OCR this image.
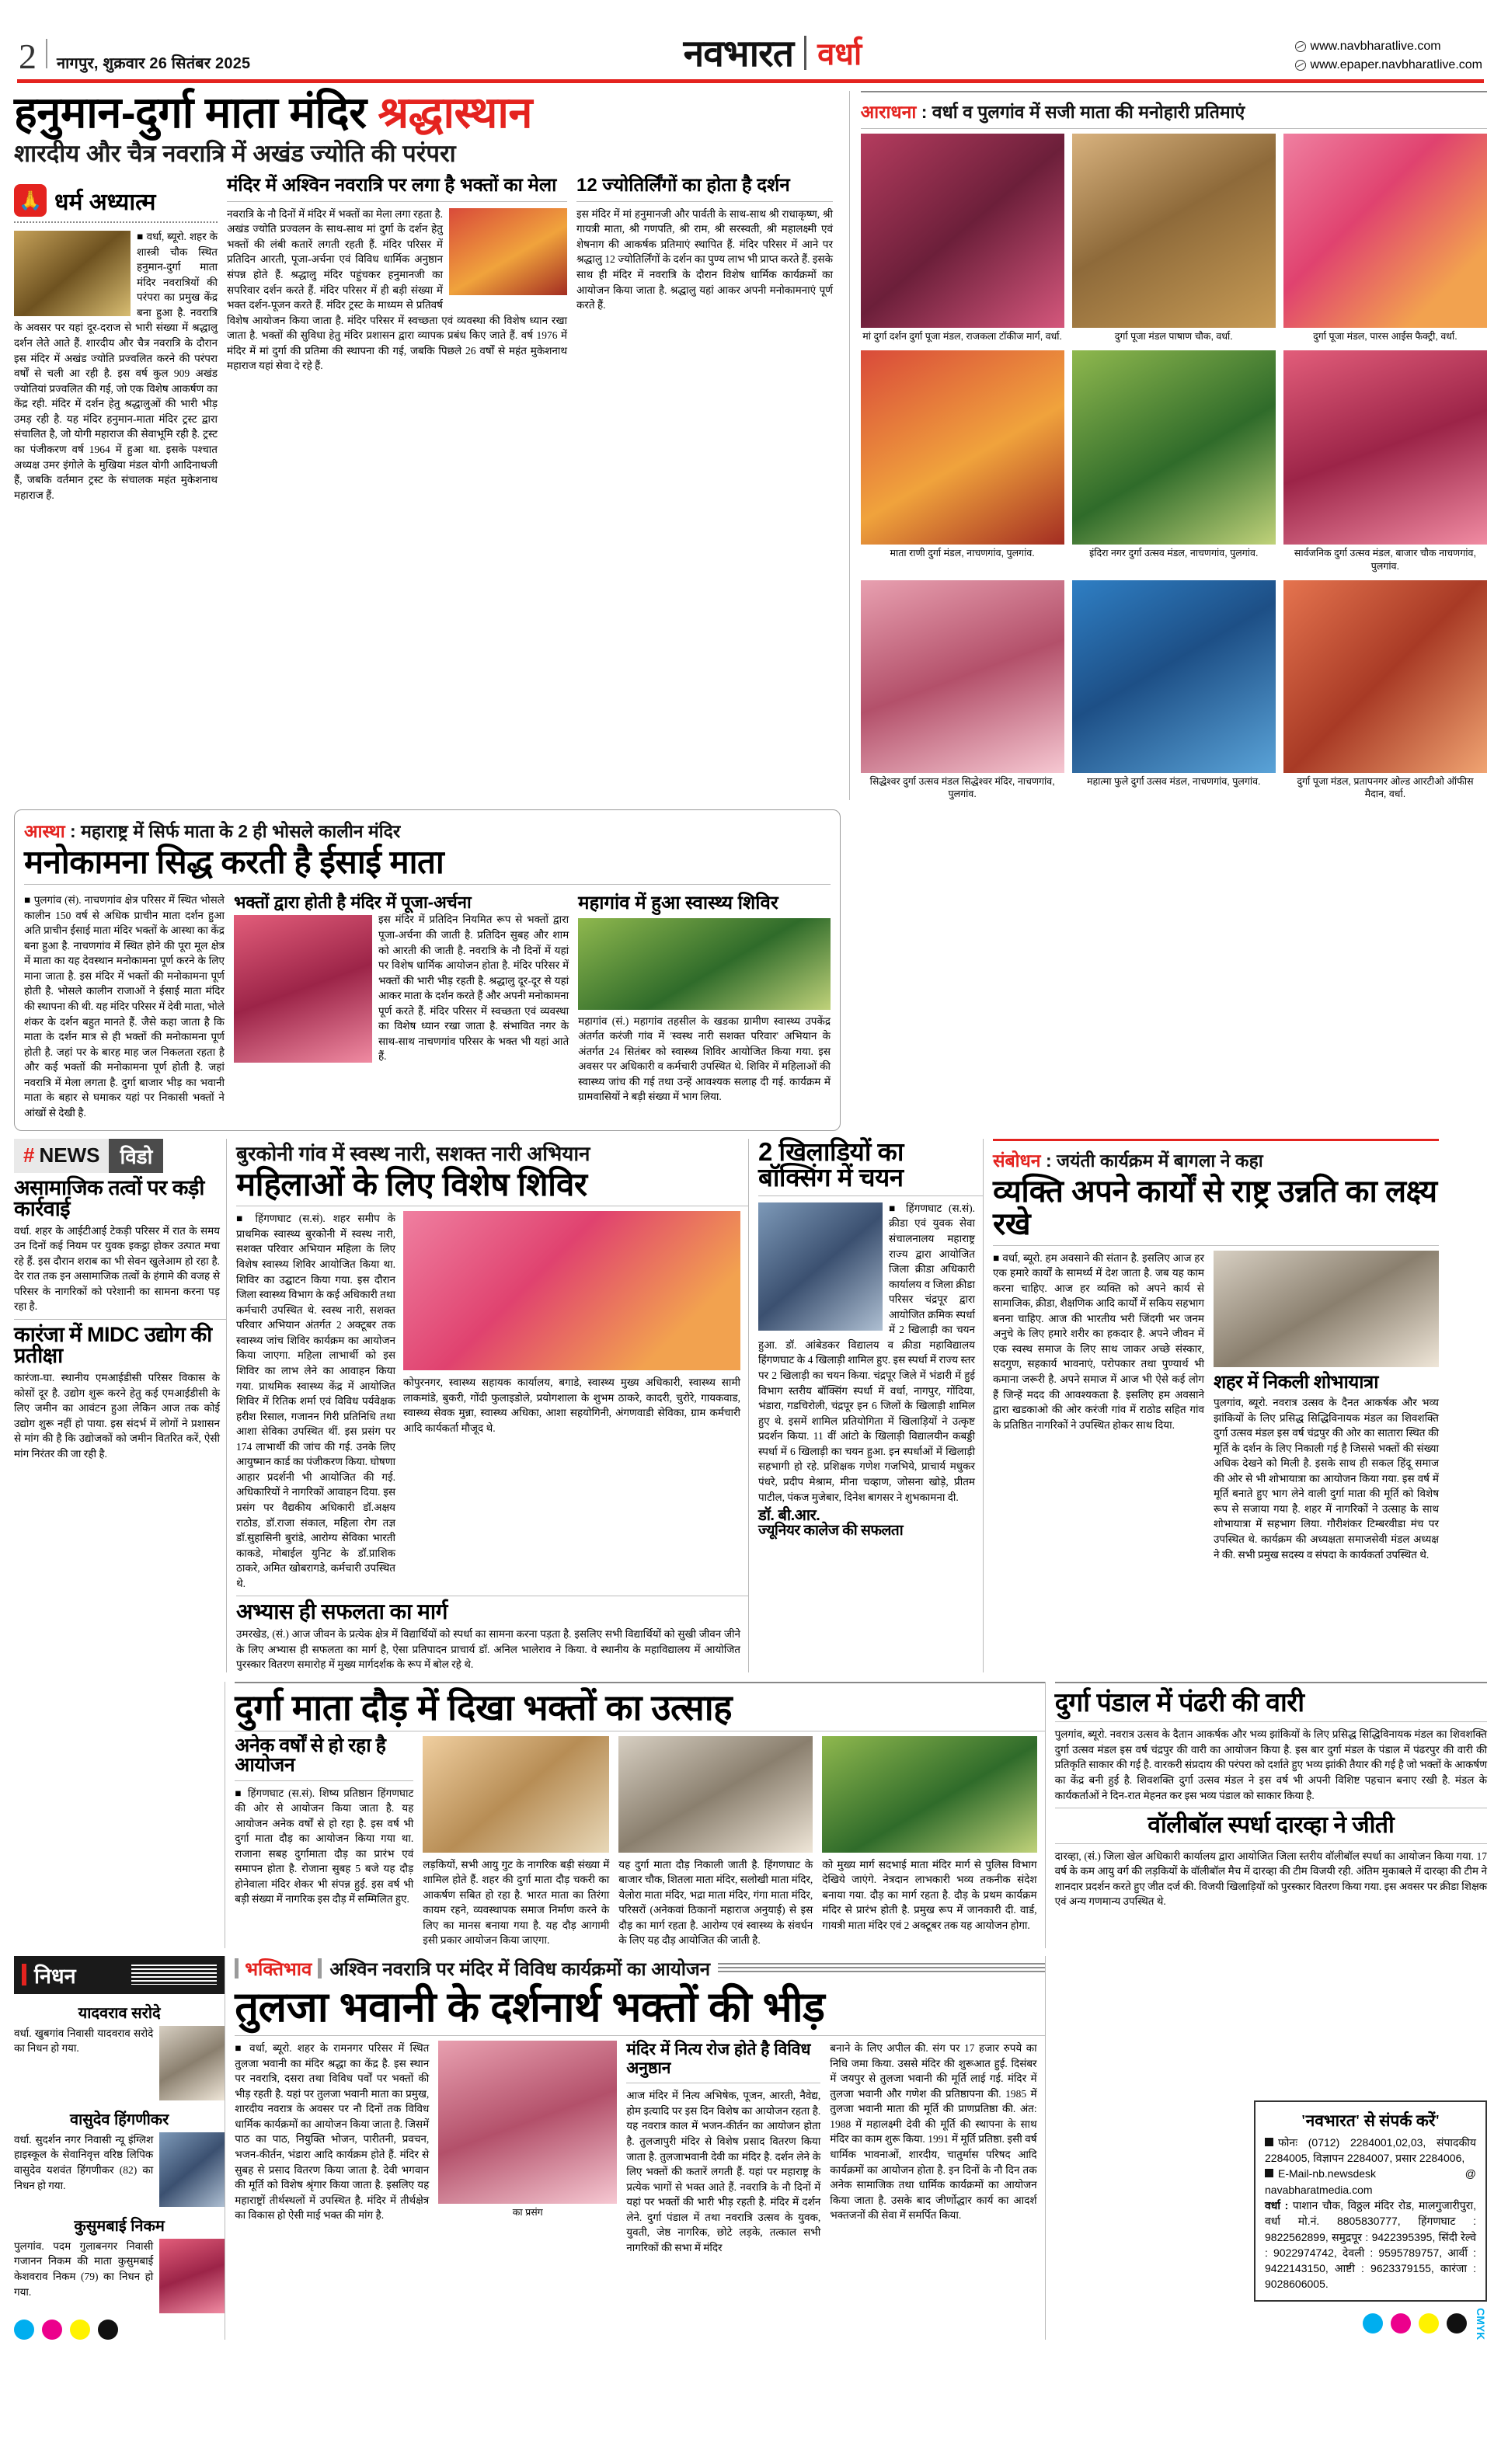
2 नागपुर, शुक्रवार 26 सितंबर 2025	नवभारत वर्धा	www.navbharatlive.com
www.epaper.navbharatlive.com
हनुमान-दुर्गा माता मंदिर श्रद्धास्थान
शारदीय और चैत्र नवरात्रि में अखंड ज्योति की परंपरा
🙏 धर्म अध्यात्म
■ वर्धा, ब्यूरो. शहर के शास्त्री चौक स्थित हनुमान-दुर्गा माता मंदिर नवरात्रियों की परंपरा का प्रमुख केंद्र बना हुआ है. नवरात्रि के अवसर पर यहां दूर-दराज से भारी संख्या में श्रद्धालु दर्शन लेते आते हैं. शारदीय और चैत्र नवरात्रि के दौरान इस मंदिर में अखंड ज्योति प्रज्वलित करने की परंपरा वर्षों से चली आ रही है. इस वर्ष कुल 909 अखंड ज्योतियां प्रज्वलित की गई, जो एक विशेष आकर्षण का केंद्र रही. मंदिर में दर्शन हेतु श्रद्धालुओं की भारी भीड़ उमड़ रही है. यह मंदिर हनुमान-माता मंदिर ट्रस्ट द्वारा संचालित है, जो योगी महाराज की सेवाभूमि रही है. ट्रस्ट का पंजीकरण वर्ष 1964 में हुआ था. इसके पश्चात अध्यक्ष उमर इंगोले के मुखिया मंडल योगी आदिनाथजी हैं, जबकि वर्तमान ट्रस्ट के संचालक महंत मुकेशनाथ महाराज हैं.
मंदिर में अश्विन नवरात्रि पर लगा है भक्तों का मेला
नवरात्रि के नौ दिनों में मंदिर में भक्तों का मेला लगा रहता है. अखंड ज्योति प्रज्वलन के साथ-साथ मां दुर्गा के दर्शन हेतु भक्तों की लंबी कतारें लगती रहती हैं. मंदिर परिसर में प्रतिदिन आरती, पूजा-अर्चना एवं विविध धार्मिक अनुष्ठान संपन्न होते हैं. श्रद्धालु मंदिर पहुंचकर हनुमानजी का सपरिवार दर्शन करते हैं. मंदिर परिसर में ही बड़ी संख्या में भक्त दर्शन-पूजन करते हैं. मंदिर ट्रस्ट के माध्यम से प्रतिवर्ष विशेष आयोजन किया जाता है. मंदिर परिसर में स्वच्छता एवं व्यवस्था की विशेष ध्यान रखा जाता है. भक्तों की सुविधा हेतु मंदिर प्रशासन द्वारा व्यापक प्रबंध किए जाते हैं. वर्ष 1976 में मंदिर में मां दुर्गा की प्रतिमा की स्थापना की गई, जबकि पिछले 26 वर्षों से महंत मुकेशनाथ महाराज यहां सेवा दे रहे हैं.
12 ज्योतिर्लिंगों का होता है दर्शन
इस मंदिर में मां हनुमानजी और पार्वती के साथ-साथ श्री राधाकृष्ण, श्री गायत्री माता, श्री गणपति, श्री राम, श्री सरस्वती, श्री महालक्ष्मी एवं शेषनाग की आकर्षक प्रतिमाएं स्थापित हैं. मंदिर परिसर में आने पर श्रद्धालु 12 ज्योतिर्लिंगों के दर्शन का पुण्य लाभ भी प्राप्त करते हैं. इसके साथ ही मंदिर में नवरात्रि के दौरान विशेष धार्मिक कार्यक्रमों का आयोजन किया जाता है. श्रद्धालु यहां आकर अपनी मनोकामनाएं पूर्ण करते हैं.
आराधना : वर्धा व पुलगांव में सजी माता की मनोहारी प्रतिमाएं
मां दुर्गा दर्शन दुर्गा पूजा मंडल, राजकला टॉकीज मार्ग, वर्धा.	दुर्गा पूजा मंडल पाषाण चौक, वर्धा.	दुर्गा पूजा मंडल, पारस आईस फैक्ट्री, वर्धा.
माता राणी दुर्गा मंडल, नाचणगांव, पुलगांव.	इंदिरा नगर दुर्गा उत्सव मंडल, नाचणगांव, पुलगांव.	सार्वजनिक दुर्गा उत्सव मंडल, बाजार चौक नाचणगांव, पुलगांव.
सिद्धेश्वर दुर्गा उत्सव मंडल सिद्धेश्वर मंदिर, नाचणगांव, पुलगांव.
महात्मा फुले दुर्गा उत्सव मंडल, नाचणगांव, पुलगांव.	दुर्गा पूजा मंडल, प्रतापनगर ओल्ड आरटीओ ऑफीस मैदान, वर्धा.
आस्था : महाराष्ट्र में सिर्फ माता के 2 ही भोसले कालीन मंदिर
मनोकामना सिद्ध करती है ईसाई माता
■ पुलगांव (सं). नाचणगांव क्षेत्र परिसर में स्थित भोसले कालीन 150 वर्ष से अधिक प्राचीन माता दर्शन हुआ अति प्राचीन ईसाई माता मंदिर भक्तों के आस्था का केंद्र बना हुआ है. नाचणगांव में स्थित होने की पूरा मूल क्षेत्र में माता का यह देवस्थान मनोकामना पूर्ण करने के लिए माना जाता है. इस मंदिर में भक्तों की मनोकामना पूर्ण होती है. भोसले कालीन राजाओं ने ईसाई माता मंदिर की स्थापना की थी. यह मंदिर परिसर में देवी माता, भोले शंकर के दर्शन बहुत मानते हैं. जैसे कहा जाता है कि माता के दर्शन मात्र से ही भक्तों की मनोकामना पूर्ण होती है. जहां पर के बारह माह जल निकलता रहता है और कई भक्तों की मनोकामना पूर्ण होती है. जहां नवरात्रि में मेला लगता है. दुर्गा बाजार भीड़ का भवानी माता के बहार से घमाकर यहां पर निकासी भक्तों ने आंखों से देखी है.
भक्तों द्वारा होती है मंदिर में पूजा-अर्चना
इस मंदिर में प्रतिदिन नियमित रूप से भक्तों द्वारा पूजा-अर्चना की जाती है. प्रतिदिन सुबह और शाम को आरती की जाती है. नवरात्रि के नौ दिनों में यहां पर विशेष धार्मिक आयोजन होता है. मंदिर परिसर में भक्तों की भारी भीड़ रहती है. श्रद्धालु दूर-दूर से यहां आकर माता के दर्शन करते हैं और अपनी मनोकामना पूर्ण करते हैं. मंदिर परिसर में स्वच्छता एवं व्यवस्था का विशेष ध्यान रखा जाता है. संभावित नगर के साथ-साथ नाचणगांव परिसर के भक्त भी यहां आते हैं.
महागांव में हुआ स्वास्थ्य शिविर
महागांव (सं.) महागांव तहसील के खडका ग्रामीण स्वास्थ्य उपकेंद्र अंतर्गत करंजी गांव में 'स्वस्थ नारी सशक्त परिवार' अभियान के अंतर्गत 24 सितंबर को स्वास्थ्य शिविर आयोजित किया गया. इस अवसर पर अधिकारी व कर्मचारी उपस्थित थे. शिविर में महिलाओं की स्वास्थ्य जांच की गई तथा उन्हें आवश्यक सलाह दी गई. कार्यक्रम में ग्रामवासियों ने बड़ी संख्या में भाग लिया.
# NEWS	विडो
असामाजिक तत्वों पर कड़ी कार्रवाई
वर्धा. शहर के आईटीआई टेकड़ी परिसर में रात के समय उन दिनों कई नियम पर युवक इकट्ठा होकर उत्पात मचा रहे हैं. इस दौरान शराब का भी सेवन खुलेआम हो रहा है. देर रात तक इन असामाजिक तत्वों के हंगामे की वजह से परिसर के नागरिकों को परेशानी का सामना करना पड़ रहा है.
कारंजा में MIDC उद्योग की प्रतीक्षा
कारंजा-घा. स्थानीय एमआईडीसी परिसर विकास के कोसों दूर है. उद्योग शुरू करने हेतु कई एमआईडीसी के लिए जमीन का आवंटन हुआ लेकिन आज तक कोई उद्योग शुरू नहीं हो पाया. इस संदर्भ में लोगों ने प्रशासन से मांग की है कि उद्योजकों को जमीन वितरित करें, ऐसी मांग निरंतर की जा रही है.
बुरकोनी गांव में स्वस्थ नारी, सशक्त नारी अभियान
महिलाओं के लिए विशेष शिविर
■ हिंगणघाट (स.सं). शहर समीप के प्राथमिक स्वास्थ्य बुरकोनी में स्वस्थ नारी, सशक्त परिवार अभियान महिला के लिए विशेष स्वास्थ्य शिविर आयोजित किया था. शिविर का उद्घाटन किया गया. इस दौरान जिला स्वास्थ्य विभाग के कई अधिकारी तथा कर्मचारी उपस्थित थे. स्वस्थ नारी, सशक्त परिवार अभियान अंतर्गत 2 अक्टूबर तक स्वास्थ्य जांच शिविर कार्यक्रम का आयोजन किया जाएगा. महिला लाभार्थी को इस शिविर का लाभ लेने का आवाहन किया गया. प्राथमिक स्वास्थ्य केंद्र में आयोजित शिविर में रितिक शर्मा एवं विविध पर्यवेक्षक हरीश रिसाल, गजानन गिरी प्रतिनिधि तथा आशा सेविका उपस्थित थीं. इस प्रसंग पर 174 लाभार्थी की जांच की गई. उनके लिए आयुष्मान कार्ड का पंजीकरण किया. घोषणा आहार प्रदर्शनी भी आयोजित की गई. अधिकारियों ने नागरिकों आवाहन दिया. इस प्रसंग पर वैद्यकीय अधिकारी डॉ.अक्षय राठोड, डॉ.राजा संकाल, महिला रोग तज्ञ डॉ.सुहासिनी बुरांडे, आरोग्य सेविका भारती काकडे, मोबाईल युनिट के डॉ.प्राशिक ठाकरे, अमित खोबरागडे, कर्मचारी उपस्थित थे.
कोपुरनगर, स्वास्थ्य सहायक कार्यालय, बगाडे, स्वास्थ्य मुख्य अधिकारी, स्वास्थ्य सामी लाकमांडे, बुकरी, गोंदी फुलाइडोले, प्रयोगशाला के शुभम ठाकरे, कादरी, चुरोरे, गायकवाड, स्वास्थ्य सेवक मुन्ना, स्वास्थ्य अधिका, आशा सहयोगिनी, अंगणवाडी सेविका, ग्राम कर्मचारी आदि कार्यकर्ता मौजूद थे.
अभ्यास ही सफलता का मार्ग
उमरखेड, (सं.) आज जीवन के प्रत्येक क्षेत्र में विद्यार्थियों को स्पर्धा का सामना करना पड़ता है. इसलिए सभी विद्यार्थियों को सुखी जीवन जीने के लिए अभ्यास ही सफलता का मार्ग है, ऐसा प्रतिपादन प्राचार्य डॉ. अनिल भालेराव ने किया. वे स्थानीय के महाविद्यालय में आयोजित पुरस्कार वितरण समारोह में मुख्य मार्गदर्शक के रूप में बोल रहे थे.
2 खिलाडियों का बॉक्सिंग में चयन
■ हिंगणघाट (स.सं). क्रीडा एवं युवक सेवा संचालनालय महाराष्ट्र राज्य द्वारा आयोजित जिला क्रीडा अधिकारी कार्यालय व जिला क्रीडा परिसर चंद्रपूर द्वारा आयोजित क्रमिक स्पर्धा में 2 खिलाड़ी का चयन हुआ. डॉ. आंबेडकर विद्यालय व क्रीडा महाविद्यालय हिंगणघाट के 4 खिलाड़ी शामिल हुए. इस स्पर्धा में राज्य स्तर पर 2 खिलाड़ी का चयन किया. चंद्रपूर जिले में भंडारी में हुई विभाग स्तरीय बॉक्सिंग स्पर्धा में वर्धा, नागपुर, गोंदिया, भंडारा, गडचिरोली, चंद्रपूर इन 6 जिलों के खिलाड़ी शामिल हुए थे. इसमें शामिल प्रतियोगिता में खिलाड़ियों ने उत्कृष्ट प्रदर्शन किया. 11 वीं आंटो के खिलाड़ी विद्यालयीन कबड्डी स्पर्धा में 6 खिलाड़ी का चयन हुआ. इन स्पर्धाओं में खिलाड़ी सहभागी हो रहे. प्रशिक्षक गणेश गजभिये, प्राचार्य मधुकर पंधरे, प्रदीप मेश्राम, मीना चव्हाण, जोसना खोड़े, प्रीतम पाटील, पंकज मुजेबार, दिनेश बागसर ने शुभकामना दी.
डॉ. बी.आर.
ज्यूनियर कालेज की सफलता
संबोधन : जयंती कार्यक्रम में बागला ने कहा
व्यक्ति अपने कार्यों से राष्ट्र उन्नति का लक्ष्य रखे
■ वर्धा, ब्यूरो. हम अवसाने की संतान है. इसलिए आज हर एक हमारे कार्यों के सामर्थ्य में देश जाता है. जब यह काम करना चाहिए. आज हर व्यक्ति को अपने कार्य से सामाजिक, क्रीडा, शैक्षणिक आदि कार्यों में सकिय सहभाग बनना चाहिए. आज की भारतीय भरी जिंदगी भर जनम अनुचे के लिए हमारे शरीर का हकदार है. अपने जीवन में एक स्वस्थ समाज के लिए साथ जाकर अच्छे संस्कार, सदगुण, सहकार्य भावनाएं, परोपकार तथा पुण्यार्थ भी कमाना जरूरी है. अपने समाज में आज भी ऐसे कई लोग हैं जिन्हें मदद की आवश्यकता है. इसलिए हम अवसाने द्वारा खडकाओ की ओर करंजी गांव में राठोड सहित गांव के प्रतिष्ठित नागरिकों ने उपस्थित होकर साथ दिया.
शहर में निकली शोभायात्रा
पुलगांव, ब्यूरो. नवरात्र उत्सव के दैनत आकर्षक और भव्य झांकियों के लिए प्रसिद्ध सिद्धिविनायक मंडल का शिवशक्ति दुर्गा उत्सव मंडल इस वर्ष चंद्रपुर की ओर का सातारा स्थित की मूर्ति के दर्शन के लिए निकाली गई है जिससे भक्तों की संख्या अधिक देखने को मिली है. इसके साथ ही सकल हिंदू समाज की ओर से भी शोभायात्रा का आयोजन किया गया. इस वर्ष में मूर्ति बनाते हुए भाग लेने वाली दुर्गा माता की मूर्ति को विशेष रूप से सजाया गया है. शहर में नागरिकों ने उत्साह के साथ शोभायात्रा में सहभाग लिया. गौरीशंकर टिम्बरवीडा मंच पर उपस्थित थे. कार्यक्रम की अध्यक्षता समाजसेवी मंडल अध्यक्ष ने की. सभी प्रमुख सदस्य व संपदा के कार्यकर्ता उपस्थित थे.

दुर्गा माता दौड़ में दिखा भक्तों का उत्साह
अनेक वर्षों से हो रहा है आयोजन
■ हिंगणघाट (स.सं). शिष्य प्रतिष्ठान हिंगणघाट की ओर से आयोजन किया जाता है. यह आयोजन अनेक वर्षों से हो रहा है. इस वर्ष भी दुर्गा माता दौड़ का आयोजन किया गया था. राजाना सबह दुर्गामाता दौड़ का प्रारंभ एवं समापन होता है. रोजाना सुबह 5 बजे यह दौड़ होनेवाला मंदिर शेकर भी संपन्न हुई. इस वर्ष भी बड़ी संख्या में नागरिक इस दौड़ में सम्मिलित हुए.
लड़कियों, सभी आयु गुट के नागरिक बड़ी संख्या में शामिल होते हैं. शहर की दुर्गा माता दौड़ चकरी का आकर्षण सबित हो रहा है. भारत माता का तिरंगा कायम रहने, व्यवस्थापक समाज निर्माण करने के लिए का मानस बनाया गया है. यह दौड़ आगामी इसी प्रकार आयोजन किया जाएगा.
यह दुर्गा माता दौड़ निकाली जाती है. हिंगणघाट के बाजार चौक, शितला माता मंदिर, सलोखी माता मंदिर, येलोरा माता मंदिर, भद्रा माता मंदिर, गंगा माता मंदिर, परिसरों (अनेकवां ठिकानों महाराज अनुयाई) से इस दौड़ का मार्ग रहता है. आरोग्य एवं स्वास्थ्य के संवर्धन के लिए यह दौड़ आयोजित की जाती है.
को मुख्य मार्ग सदभाई माता मंदिर मार्ग से पुलिस विभाग देखिये जाएंगे. नेत्रदान लाभकारी भव्य तकनीक संदेश बनाया गया. दौड़ का मार्ग रहता है. दौड़ के प्रथम कार्यक्रम मंदिर से प्रारंभ होती है. प्रमुख रूप में जानकारी दी. वार्ड, गायत्री माता मंदिर एवं 2 अक्टूबर तक यह आयोजन होगा.
दुर्गा पंडाल में पंढरी की वारी
पुलगांव, ब्यूरो. नवरात्र उत्सव के दैतान आकर्षक और भव्य झांकियों के लिए प्रसिद्ध सिद्धिविनायक मंडल का शिवशक्ति दुर्गा उत्सव मंडल इस वर्ष चंद्रपुर की वारी का आयोजन किया है. इस बार दुर्गा मंडल के पंडाल में पंढरपुर की वारी की प्रतिकृति साकार की गई है. वारकरी संप्रदाय की परंपरा को दर्शाते हुए भव्य झांकी तैयार की गई है जो भक्तों के आकर्षण का केंद्र बनी हुई है. शिवशक्ति दुर्गा उत्सव मंडल ने इस वर्ष भी अपनी विशिष्ट पहचान बनाए रखी है. मंडल के कार्यकर्ताओं ने दिन-रात मेहनत कर इस भव्य पंडाल को साकार किया है.
वॉलीबॉल स्पर्धा दारव्हा ने जीती
दारव्हा, (सं.) जिला खेल अधिकारी कार्यालय द्वारा आयोजित जिला स्तरीय वॉलीबॉल स्पर्धा का आयोजन किया गया. 17 वर्ष के कम आयु वर्ग की लड़कियों के वॉलीबॉल मैच में दारव्हा की टीम विजयी रही. अंतिम मुकाबले में दारव्हा की टीम ने शानदार प्रदर्शन करते हुए जीत दर्ज की. विजयी खिलाड़ियों को पुरस्कार वितरण किया गया. इस अवसर पर क्रीडा शिक्षक एवं अन्य गणमान्य उपस्थित थे.
निधन
यादवराव सरोदे
वर्धा. खुबगांव निवासी यादवराव सरोदे का निधन हो गया.
वासुदेव हिंगणीकर
वर्धा. सुदर्शन नगर निवासी न्यू इंग्लिश हाइस्कूल के सेवानिवृत्त वरिष्ठ लिपिक वासुदेव यशवंत हिंगणीकर (82) का निधन हो गया.
कुसुमबाई निकम
पुलगांव. पदम गुलाबनगर निवासी गजानन निकम की माता कुसुमबाई केशवराव निकम (79) का निधन हो गया.
भक्तिभाव अश्विन नवरात्रि पर मंदिर में विविध कार्यक्रमों का आयोजन
तुलजा भवानी के दर्शनार्थ भक्तों की भीड़
■ वर्धा, ब्यूरो. शहर के रामनगर परिसर में स्थित तुलजा भवानी का मंदिर श्रद्धा का केंद्र है. इस स्थान पर नवरात्रि, दसरा तथा विविध पर्वों पर भक्तों की भीड़ रहती है. यहां पर तुलजा भवानी माता का प्रमुख, शारदीय नवरात्र के अवसर पर नौ दिनों तक विविध धार्मिक कार्यक्रमों का आयोजन किया जाता है. जिसमें पाठ का पाठ, नियुक्ति भोजन, पारीतनी, प्रवचन, भजन-कीर्तन, भंडारा आदि कार्यक्रम होते हैं. मंदिर से सुबह से प्रसाद वितरण किया जाता है. देवी भगवान की मूर्ति को विशेष श्रृंगार किया जाता है. इसलिए यह महाराष्ट्रों तीर्थस्थलों में उपस्थित है. मंदिर में तीर्थक्षेत्र का विकास हो ऐसी माई भक्त की मांग है.	का प्रसंग
मंदिर में नित्य रोज होते है विविध अनुष्ठान
आज मंदिर में नित्य अभिषेक, पूजन, आरती, नैवेद्य, होम इत्यादि पर इस दिन विशेष का आयोजन रहता है. यह नवरात्र काल में भजन-कीर्तन का आयोजन होता है. तुलजापुरी मंदिर से विशेष प्रसाद वितरण किया जाता है. तुलजाभवानी देवी का मंदिर है. दर्शन लेने के लिए भक्तों की कतारें लगती हैं. यहां पर महाराष्ट्र के प्रत्येक भागों से भक्त आते हैं. नवरात्रि के नौ दिनों में यहां पर भक्तों की भारी भीड़ रहती है. मंदिर में दर्शन लेने. दुर्गा पंडाल में तथा नवरात्रि उत्सव के युवक, युवती, जेष्ठ नागरिक, छोटे लड़के, तत्काल सभी नागरिकों की सभा में मंदिर
बनाने के लिए अपील की. संग पर 17 हजार रुपये का निधि जमा किया. उससे मंदिर की शुरूआत हुई. दिसंबर में जयपुर से तुलजा भवानी की मूर्ति लाई गई. मंदिर में तुलजा भवानी और गणेश की प्रतिष्ठापना की. 1985 में तुलजा भवानी माता की मूर्ति की प्राणप्रतिष्ठा की. अंत: 1988 में महालक्ष्मी देवी की मूर्ति की स्थापना के साथ मंदिर का काम शुरू किया. 1991 में मूर्ति प्रतिष्ठा. इसी वर्ष धार्मिक भावनाओं, शारदीय, चातुर्मास परिषद आदि कार्यक्रमों का आयोजन होता है. इन दिनों के नौ दिन तक अनेक सामाजिक तथा धार्मिक कार्यक्रमों का आयोजन किया जाता है. उसके बाद जीर्णोद्धार कार्य का आदर्श भक्तजनों की सेवा में समर्पित किया.
'नवभारत' से संपर्क करें'
फोनः (0712) 2284001,02,03, संपादकीय 2284005, विज्ञापन 2284007, प्रसार 2284006,
E-Mail-nb.newsdesk @ navabharatmedia.com
वर्धा : पाशान चौक, विठ्ठल मंदिर रोड, मालगुजारीपुरा, वर्धा मो.नं. 8805830777, हिंगणघाट : 9822562899, समुद्रपूर : 9422395395, सिंदी रेल्वे : 9022974742, देवली : 9595789757, आर्वी : 9422143150, आष्टी : 9623379155, कारंजा : 9028606005.
CMYK
